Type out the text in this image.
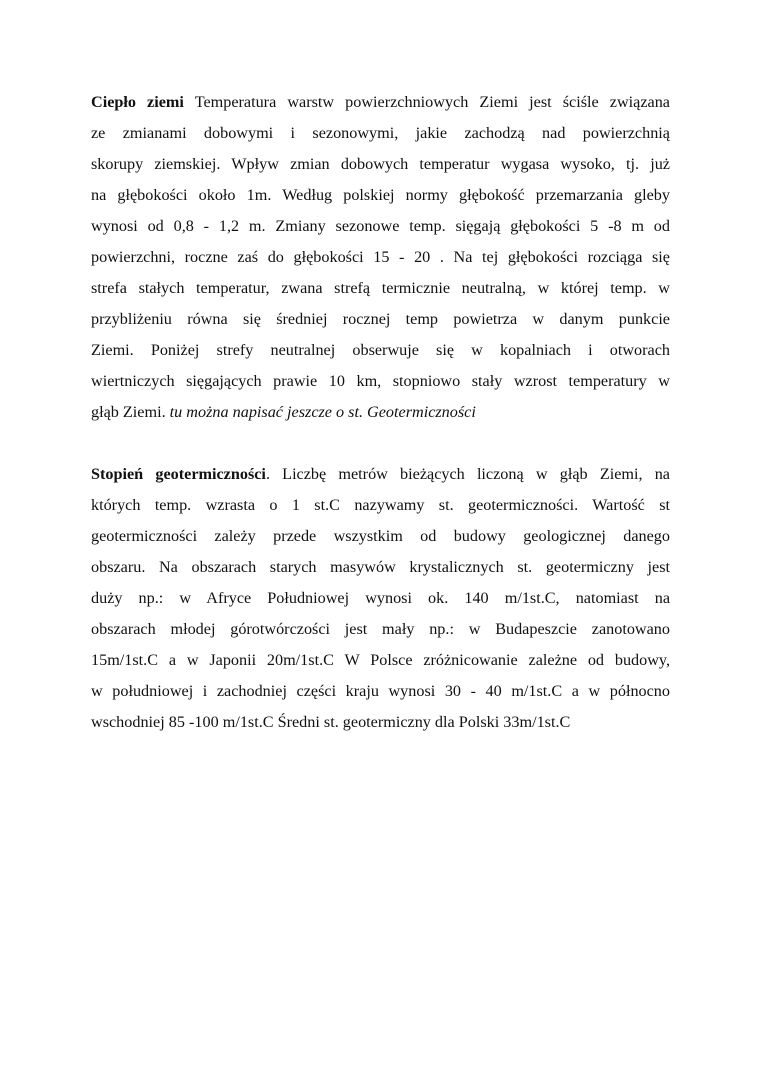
Ciepło ziemi Temperatura warstw powierzchniowych Ziemi jest ściśle związana
ze zmianami dobowymi i sezonowymi, jakie zachodzą nad powierzchnią
skorupy ziemskiej. Wpływ zmian dobowych temperatur wygasa wysoko, tj. już
na głębokości około 1m. Według polskiej normy głębokość przemarzania gleby
wynosi od 0,8 - 1,2 m. Zmiany sezonowe temp. sięgają głębokości 5 -8 m od
powierzchni, roczne zaś do głębokości 15 - 20 . Na tej głębokości rozciąga się
strefa stałych temperatur, zwana strefą termicznie neutralną, w której temp. w
przybliżeniu równa się średniej rocznej temp powietrza w danym punkcie
Ziemi. Poniżej strefy neutralnej obserwuje się w kopalniach i otworach
wiertniczych sięgających prawie 10 km, stopniowo stały wzrost temperatury w
głąb Ziemi. tu można napisać jeszcze o st. Geotermiczności
Stopień geotermiczności. Liczbę metrów bieżących liczoną w głąb Ziemi, na
których temp. wzrasta o 1 st.C nazywamy st. geotermiczności. Wartość st
geotermiczności zależy przede wszystkim od budowy geologicznej danego
obszaru. Na obszarach starych masywów krystalicznych st. geotermiczny jest
duży np.: w Afryce Południowej wynosi ok. 140 m/1st.C, natomiast na
obszarach młodej górotwórczości jest mały np.: w Budapeszcie zanotowano
15m/1st.C a w Japonii 20m/1st.C W Polsce zróżnicowanie zależne od budowy,
w południowej i zachodniej części kraju wynosi 30 - 40 m/1st.C a w północno
wschodniej 85 -100 m/1st.C Średni st. geotermiczny dla Polski 33m/1st.C
